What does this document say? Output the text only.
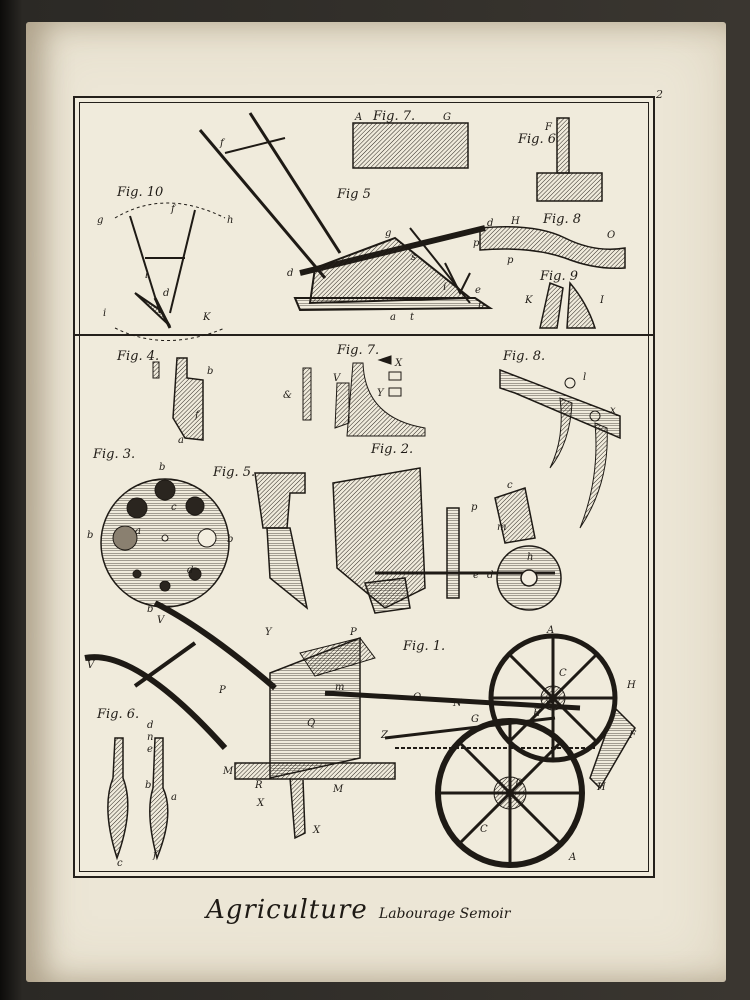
2
Fig. 10	Fig 5
Fig. 7.
Fig. 6
Fig. 8
Fig. 9
Fig. 4.	Fig. 7.	Fig. 8.
Fig. 3.
Fig. 5.
Fig. 2.
Fig. 1.
Fig. 6.
f
g	h
l
d
i	K
f
d
g
d
s
i	e
b
a t
A	G
F
H
O
p
p
K	I
b
a
f
&
V
X
Y
l
x
b
c
b	a
d
b
V
b
c
p
m
h
e d
Y	P
P
V
Q
M
R
X
X
M
m
O
N
G
Z
A
C
H
B
E
D
F
H
A
C
d
n
e
b
a
f
c
Agriculture Labourage Semoir
